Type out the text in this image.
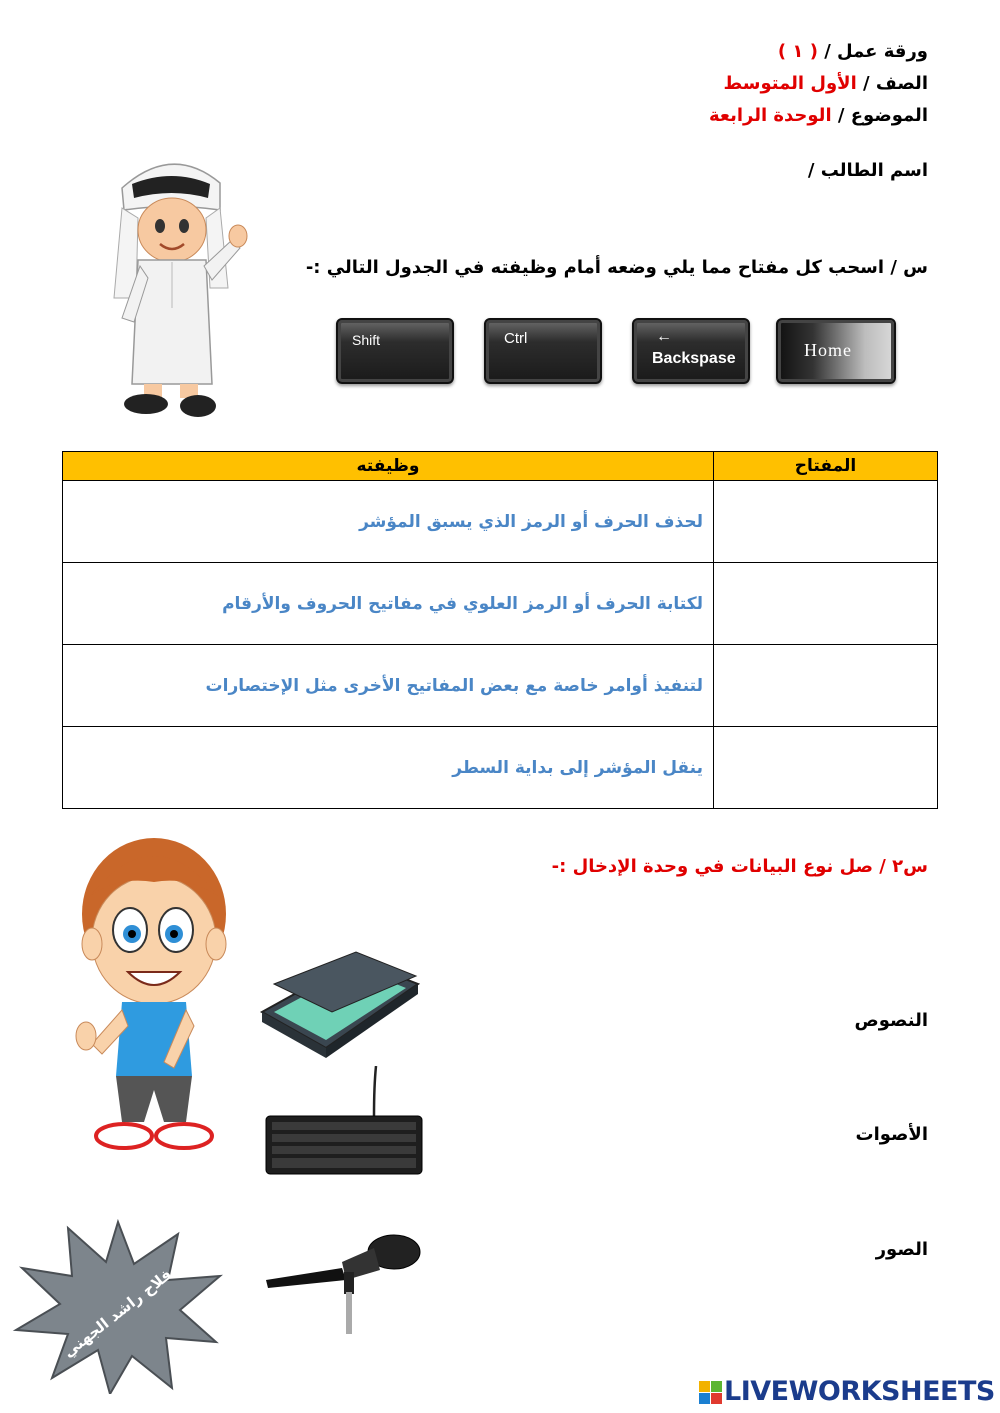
ورقة عمل / ( ١ )
الصف / الأول المتوسط
الموضوع / الوحدة الرابعة
اسم الطالب /
س / اسحب كل مفتاح مما يلي وضعه أمام وظيفته في الجدول التالي :-
Shift	Ctrl	←
Backspase	Home
المفتاح	وظيفته
	لحذف الحرف أو الرمز الذي يسبق المؤشر
	لكتابة الحرف أو الرمز العلوي في مفاتيح الحروف والأرقام
	لتنفيذ أوامر خاصة مع بعض المفاتيح الأخرى مثل الإختصارات
	ينقل المؤشر إلى بداية السطر
س٢ / صل نوع البيانات في وحدة الإدخال :-
النصوص
الأصوات
الصور
فلاح راشد الجهني
LIVEWORKSHEETS
